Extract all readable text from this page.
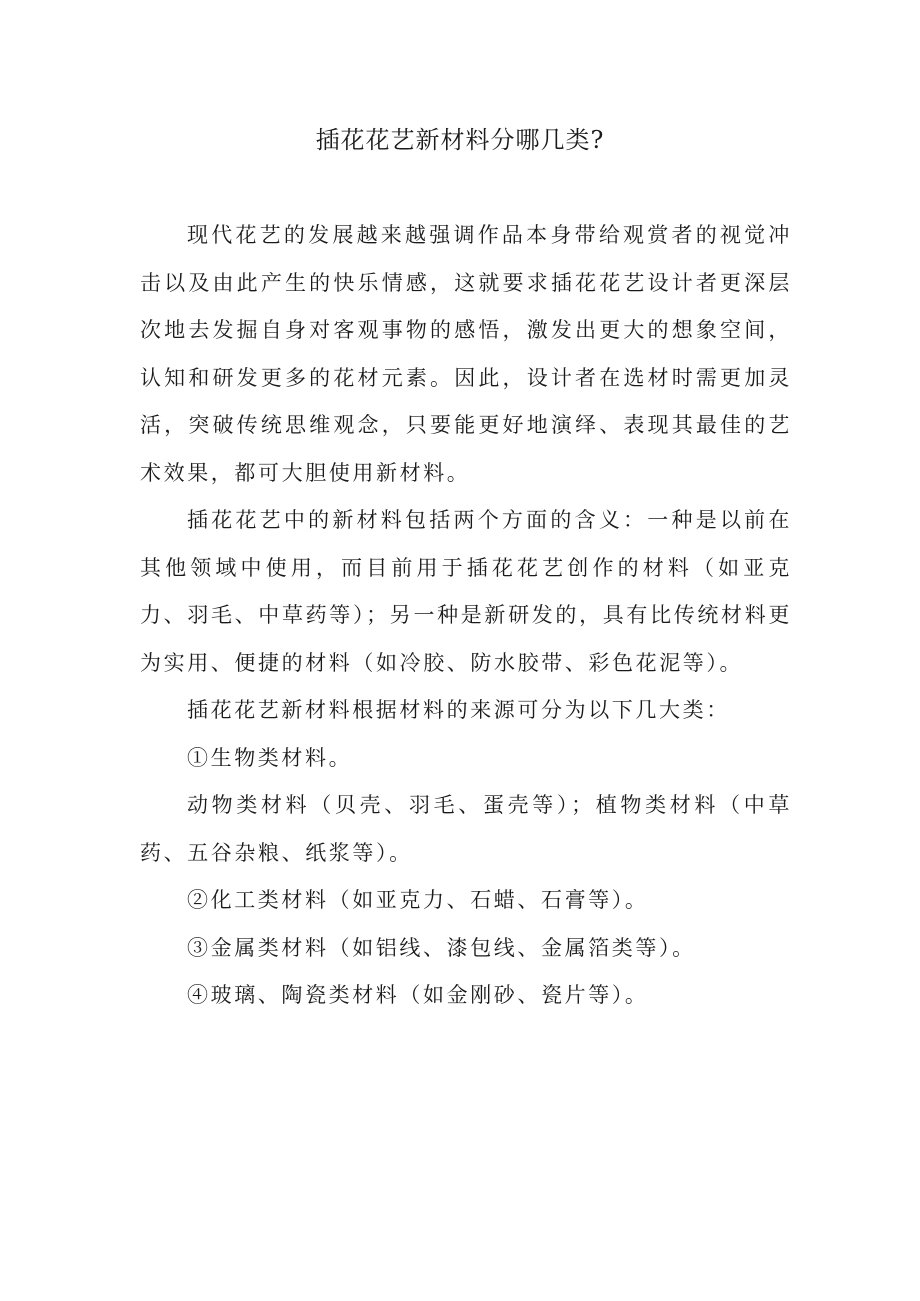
插花花艺新材料分哪几类?

现代花艺的发展越来越强调作品本身带给观赏者的视觉冲击以及由此产生的快乐情感，这就要求插花花艺设计者更深层次地去发掘自身对客观事物的感悟，激发出更大的想象空间，认知和研发更多的花材元素。因此，设计者在选材时需更加灵活，突破传统思维观念，只要能更好地演绎、表现其最佳的艺术效果，都可大胆使用新材料。

插花花艺中的新材料包括两个方面的含义：一种是以前在其他领域中使用，而目前用于插花花艺创作的材料（如亚克力、羽毛、中草药等）；另一种是新研发的，具有比传统材料更为实用、便捷的材料（如冷胶、防水胶带、彩色花泥等）。

插花花艺新材料根据材料的来源可分为以下几大类：

①生物类材料。

动物类材料（贝壳、羽毛、蛋壳等）；植物类材料（中草药、五谷杂粮、纸浆等）。

②化工类材料（如亚克力、石蜡、石膏等）。

③金属类材料（如铝线、漆包线、金属箔类等）。

④玻璃、陶瓷类材料（如金刚砂、瓷片等）。
